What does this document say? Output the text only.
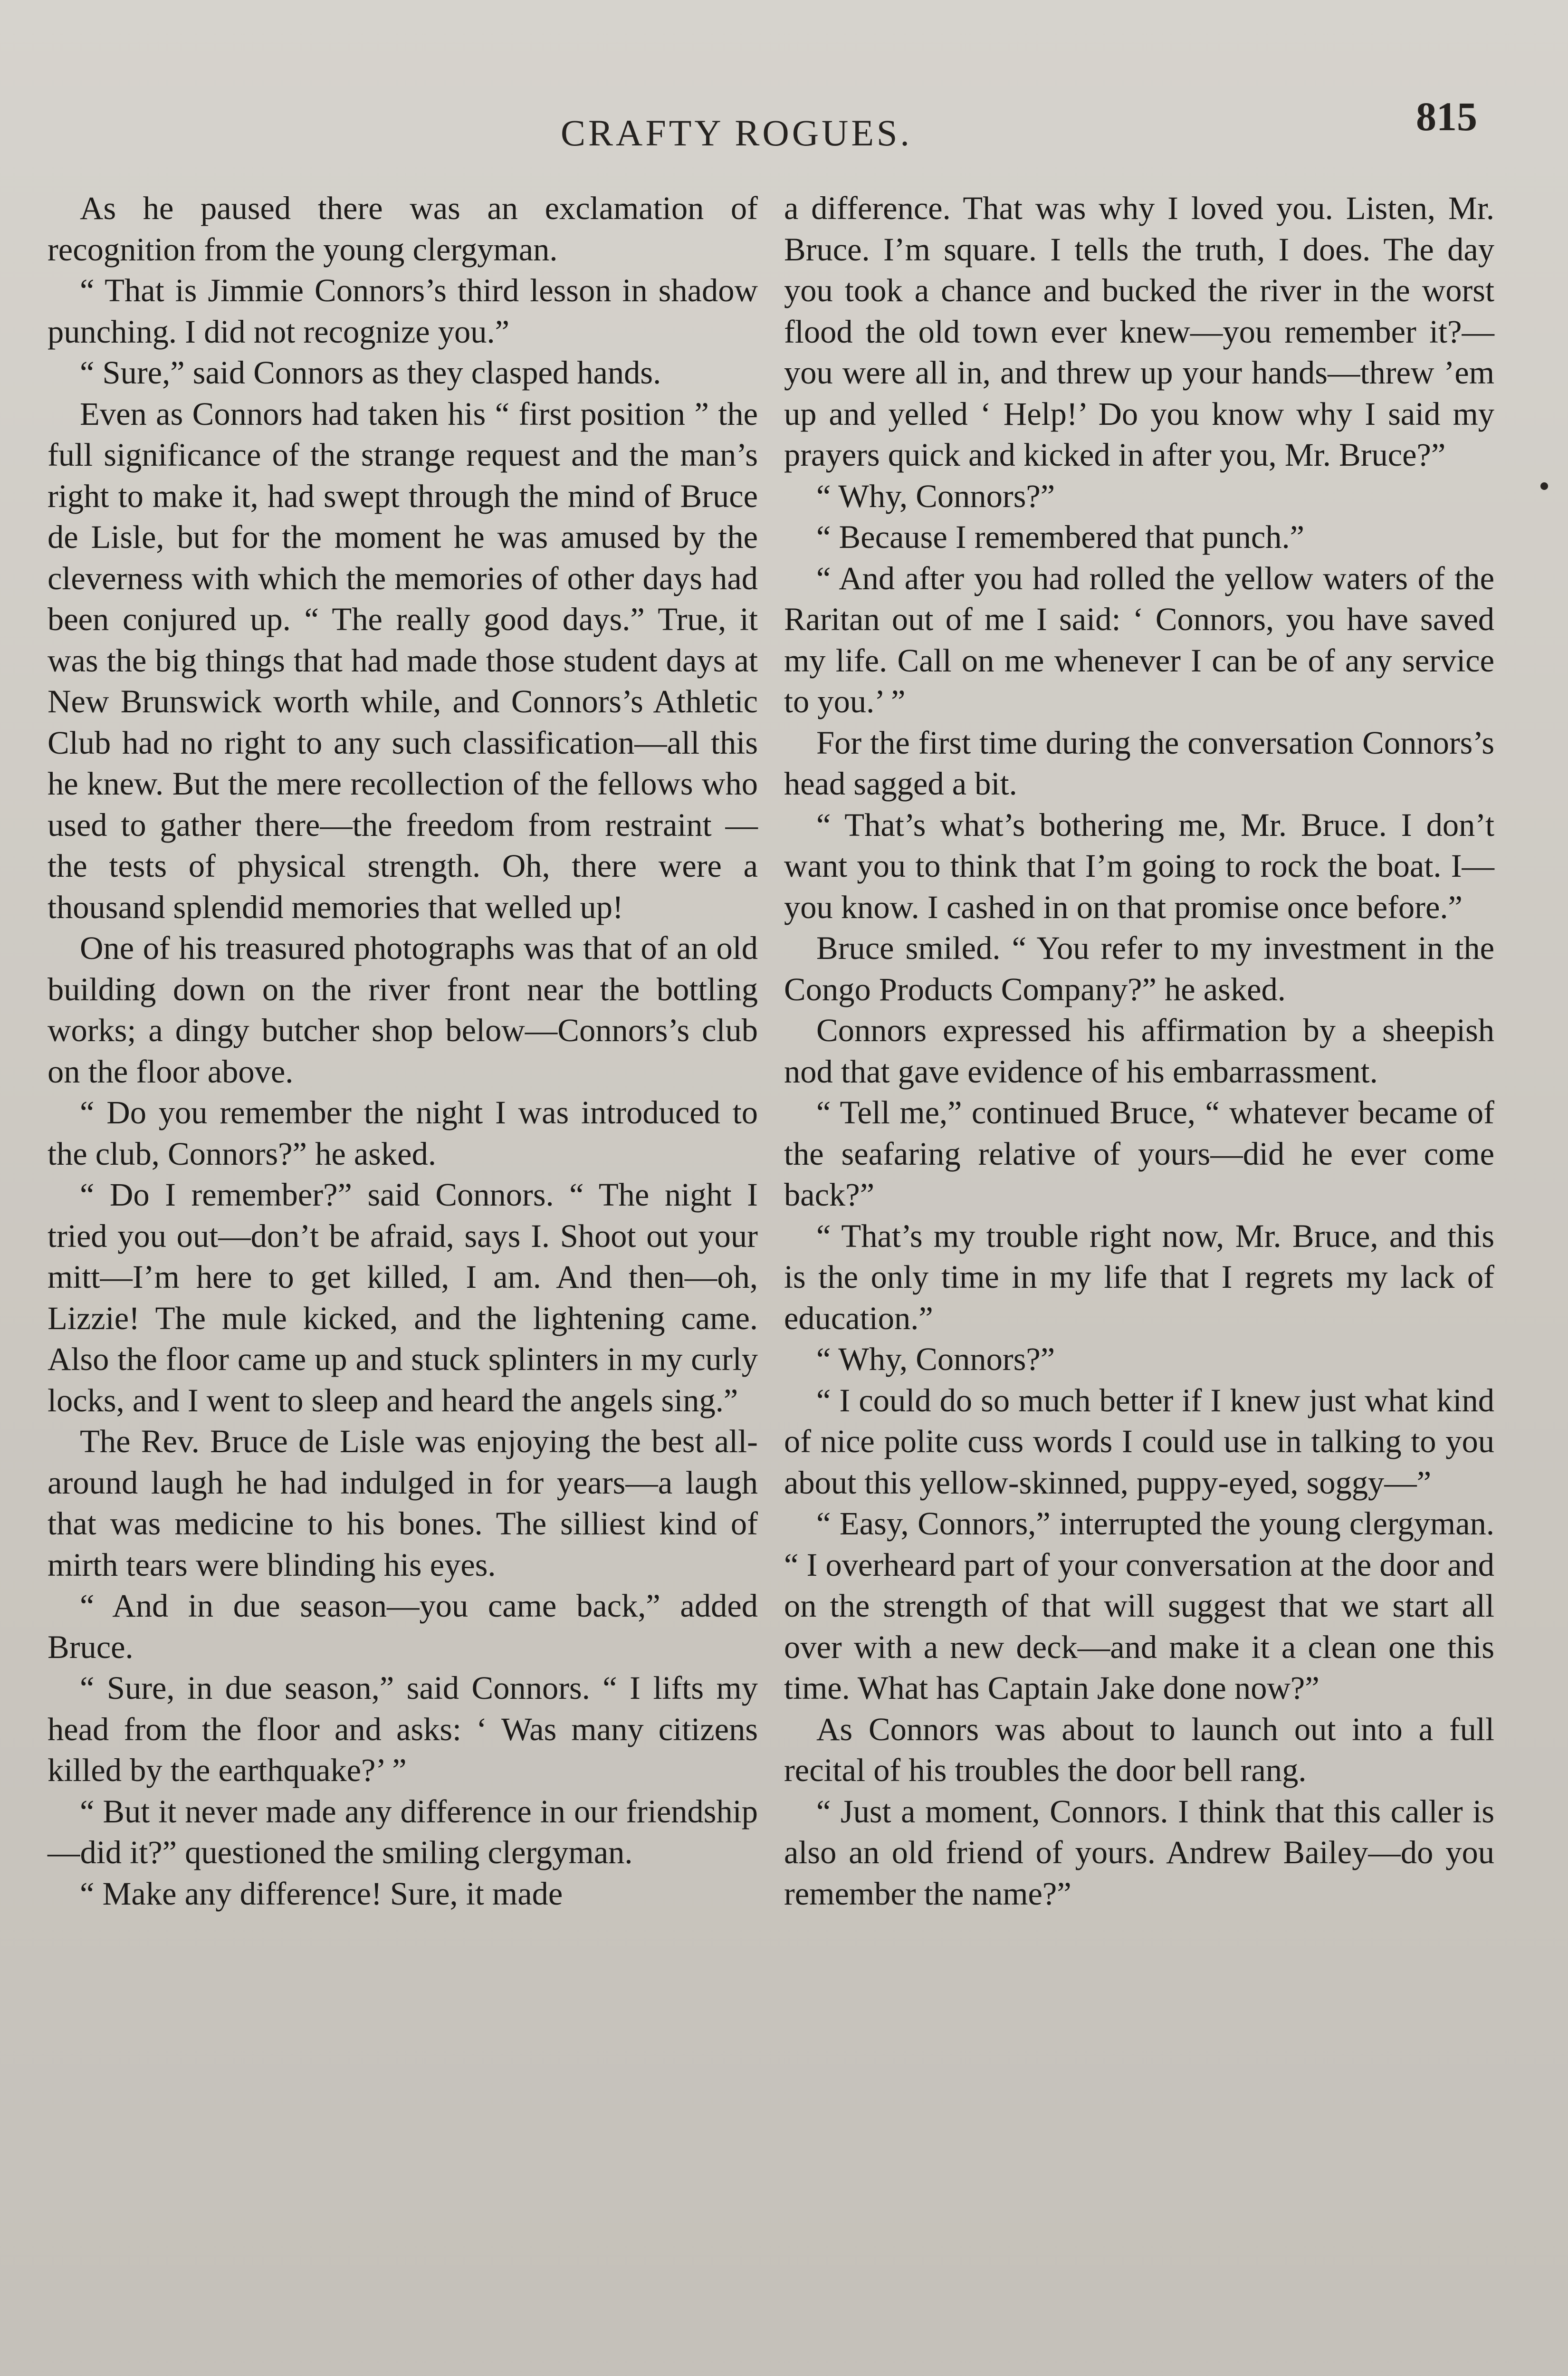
CRAFTY ROGUES.	815

As he paused there was an exclamation of recognition from the young clergyman.

“ That is Jimmie Connors’s third lesson in shadow punching. I did not recognize you.”

“ Sure,” said Connors as they clasped hands.

Even as Connors had taken his “ first position ” the full significance of the strange request and the man’s right to make it, had swept through the mind of Bruce de Lisle, but for the moment he was amused by the cleverness with which the memories of other days had been conjured up. “ The really good days.” True, it was the big things that had made those student days at New Brunswick worth while, and Connors’s Athletic Club had no right to any such classification—all this he knew. But the mere recollection of the fellows who used to gather there—the freedom from restraint —the tests of physical strength. Oh, there were a thousand splendid memories that welled up!

One of his treasured photographs was that of an old building down on the river front near the bottling works; a dingy butcher shop below—Connors’s club on the floor above.

“ Do you remember the night I was introduced to the club, Connors?” he asked.

“ Do I remember?” said Connors. “ The night I tried you out—don’t be afraid, says I. Shoot out your mitt—I’m here to get killed, I am. And then—oh, Lizzie! The mule kicked, and the lightening came. Also the floor came up and stuck splinters in my curly locks, and I went to sleep and heard the angels sing.”

The Rev. Bruce de Lisle was enjoying the best all-around laugh he had indulged in for years—a laugh that was medicine to his bones. The silliest kind of mirth tears were blinding his eyes.

“ And in due season—you came back,” added Bruce.

“ Sure, in due season,” said Connors. “ I lifts my head from the floor and asks: ‘ Was many citizens killed by the earthquake?’ ”

“ But it never made any difference in our friendship—did it?” questioned the smiling clergyman.

“ Make any difference! Sure, it made

a difference. That was why I loved you. Listen, Mr. Bruce. I’m square. I tells the truth, I does. The day you took a chance and bucked the river in the worst flood the old town ever knew—you remember it?—you were all in, and threw up your hands—threw ’em up and yelled ‘ Help!’ Do you know why I said my prayers quick and kicked in after you, Mr. Bruce?”

“ Why, Connors?”

“ Because I remembered that punch.”

“ And after you had rolled the yellow waters of the Raritan out of me I said: ‘ Connors, you have saved my life. Call on me whenever I can be of any service to you.’ ”

For the first time during the conversation Connors’s head sagged a bit.

“ That’s what’s bothering me, Mr. Bruce. I don’t want you to think that I’m going to rock the boat. I—you know. I cashed in on that promise once before.”

Bruce smiled. “ You refer to my investment in the Congo Products Company?” he asked.

Connors expressed his affirmation by a sheepish nod that gave evidence of his embarrassment.

“ Tell me,” continued Bruce, “ whatever became of the seafaring relative of yours—did he ever come back?”

“ That’s my trouble right now, Mr. Bruce, and this is the only time in my life that I regrets my lack of education.”

“ Why, Connors?”

“ I could do so much better if I knew just what kind of nice polite cuss words I could use in talking to you about this yellow-skinned, puppy-eyed, soggy—”

“ Easy, Connors,” interrupted the young clergyman. “ I overheard part of your conversation at the door and on the strength of that will suggest that we start all over with a new deck—and make it a clean one this time. What has Captain Jake done now?”

As Connors was about to launch out into a full recital of his troubles the door bell rang.

“ Just a moment, Connors. I think that this caller is also an old friend of yours. Andrew Bailey—do you remember the name?”
